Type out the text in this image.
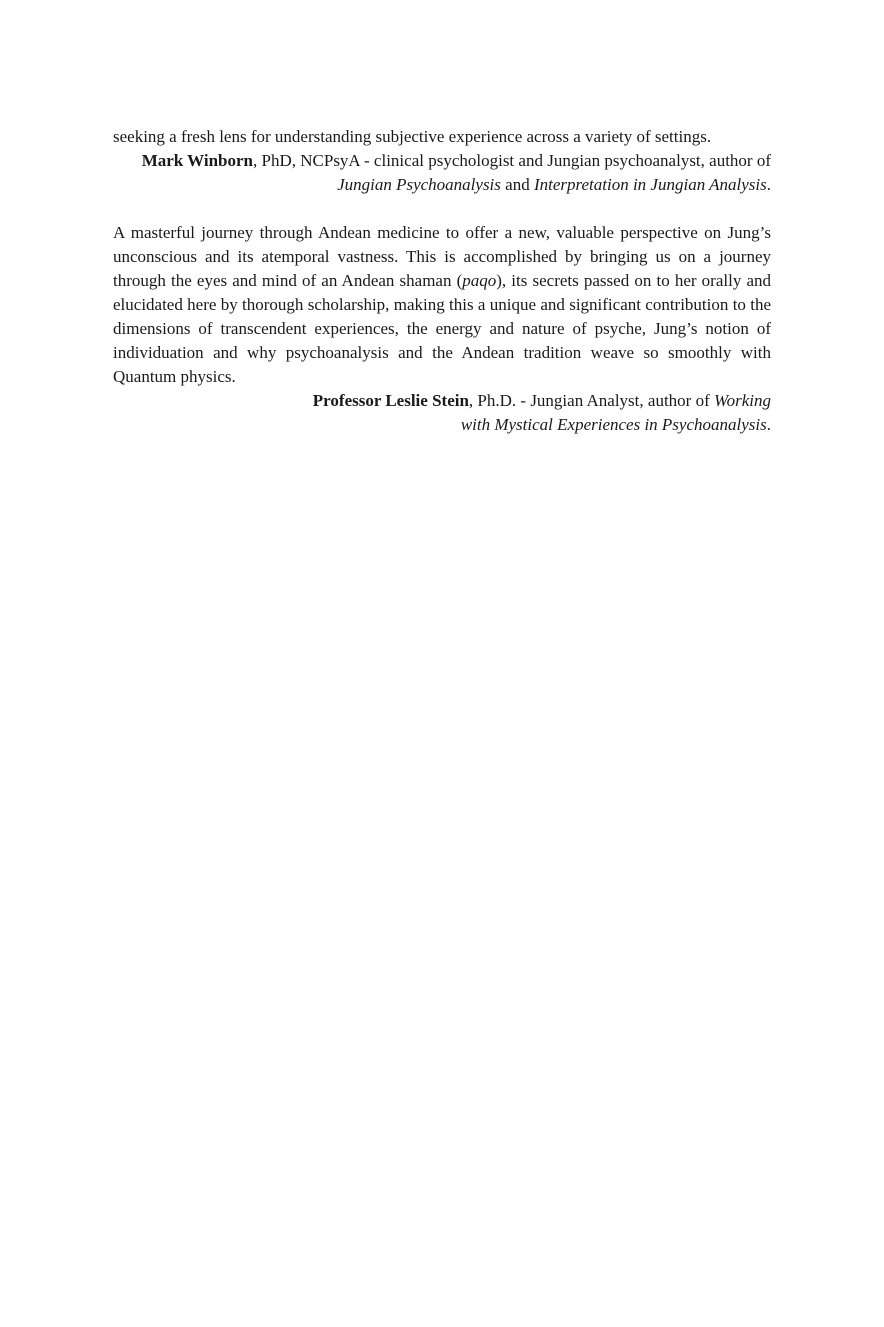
seeking a fresh lens for understanding subjective experience across a variety of settings.

Mark Winborn, PhD, NCPsyA - clinical psychologist and Jungian psychoanalyst, author of
Jungian Psychoanalysis and Interpretation in Jungian Analysis.

A masterful journey through Andean medicine to offer a new, valuable perspective on Jung’s unconscious and its atemporal vastness. This is accomplished by bringing us on a journey through the eyes and mind of an Andean shaman (paqo), its secrets passed on to her orally and elucidated here by thorough scholarship, making this a unique and significant contribution to the dimensions of transcendent experiences, the energy and nature of psyche, Jung’s notion of individuation and why psychoanalysis and the Andean tradition weave so smoothly with Quantum physics.

Professor Leslie Stein, Ph.D. - Jungian Analyst, author of Working
with Mystical Experiences in Psychoanalysis.
